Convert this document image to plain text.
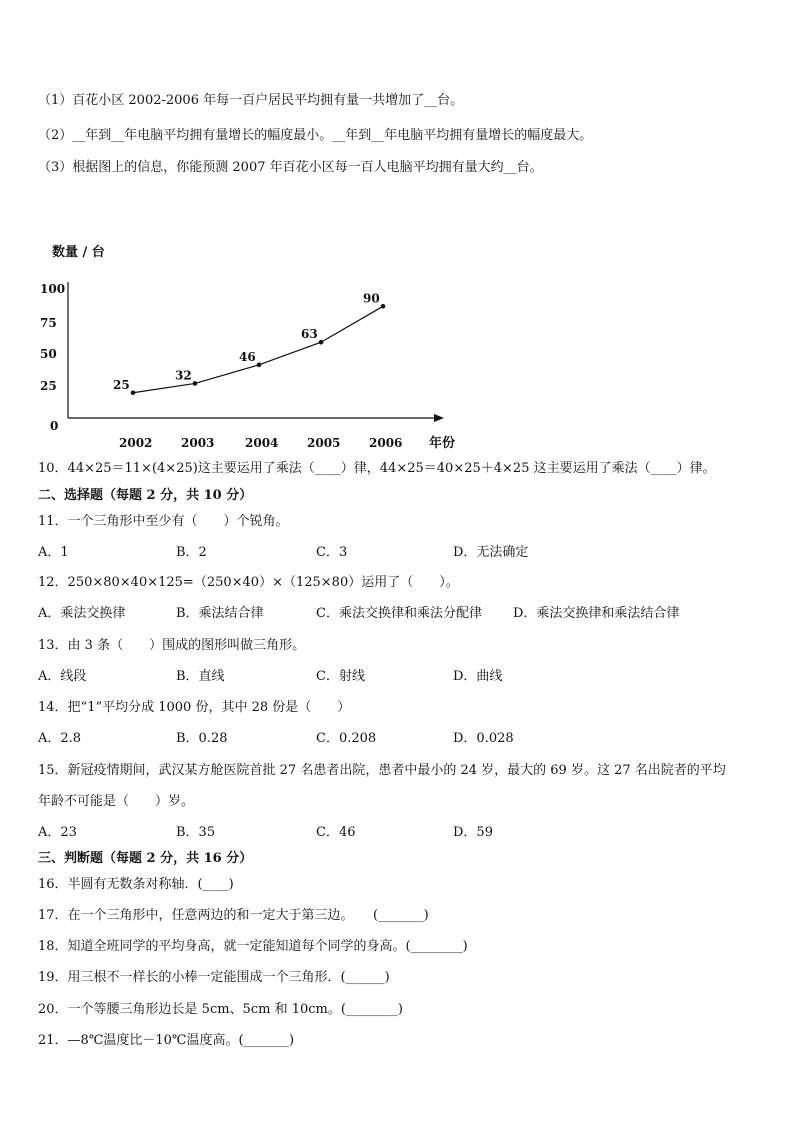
（1）百花小区 2002-2006 年每一百户居民平均拥有量一共增加了__台。
（2）__年到__年电脑平均拥有量增长的幅度最小。__年到__年电脑平均拥有量增长的幅度最大。
（3）根据图上的信息，你能预测 2007 年百花小区每一百人电脑平均拥有量大约__台。
数量 / 台
年份
0
25
50
75
100
2002 2003	2004 2005 2006
25
32
46
63
90
10．44×25＝11×(4×25)这主要运用了乘法（____）律，44×25＝40×25＋4×25 这主要运用了乘法（____）律。
二、选择题（每题 2 分，共 10 分）
11．一个三角形中至少有（　　）个锐角。
A．1	B．2	C．3	D．无法确定
12．250×80×40×125=（250×40）×（125×80）运用了（　　）。
A．乘法交换律	B．乘法结合律	C．乘法交换律和乘法分配律 D．乘法交换律和乘法结合律
13．由 3 条（　　）围成的图形叫做三角形。
A．线段	B．直线	C．射线	D．曲线
14．把“1”平均分成 1000 份，其中 28 份是（　　）
A．2.8	B．0.28	C．0.208	D．0.028
15．新冠疫情期间，武汉某方舱医院首批 27 名患者出院，患者中最小的 24 岁，最大的 69 岁。这 27 名出院者的平均
年龄不可能是（　　）岁。
A．23	B．35	C．46	D．59
三、判断题（每题 2 分，共 16 分）
16．半圆有无数条对称轴．(____)
17．在一个三角形中，任意两边的和一定大于第三边。　　(_______)
18．知道全班同学的平均身高，就一定能知道每个同学的身高。(________)
19．用三根不一样长的小棒一定能围成一个三角形．(______)
20．一个等腰三角形边长是 5cm、5cm 和 10cm。(________)
21．—8℃温度比－10℃温度高。(_______)
